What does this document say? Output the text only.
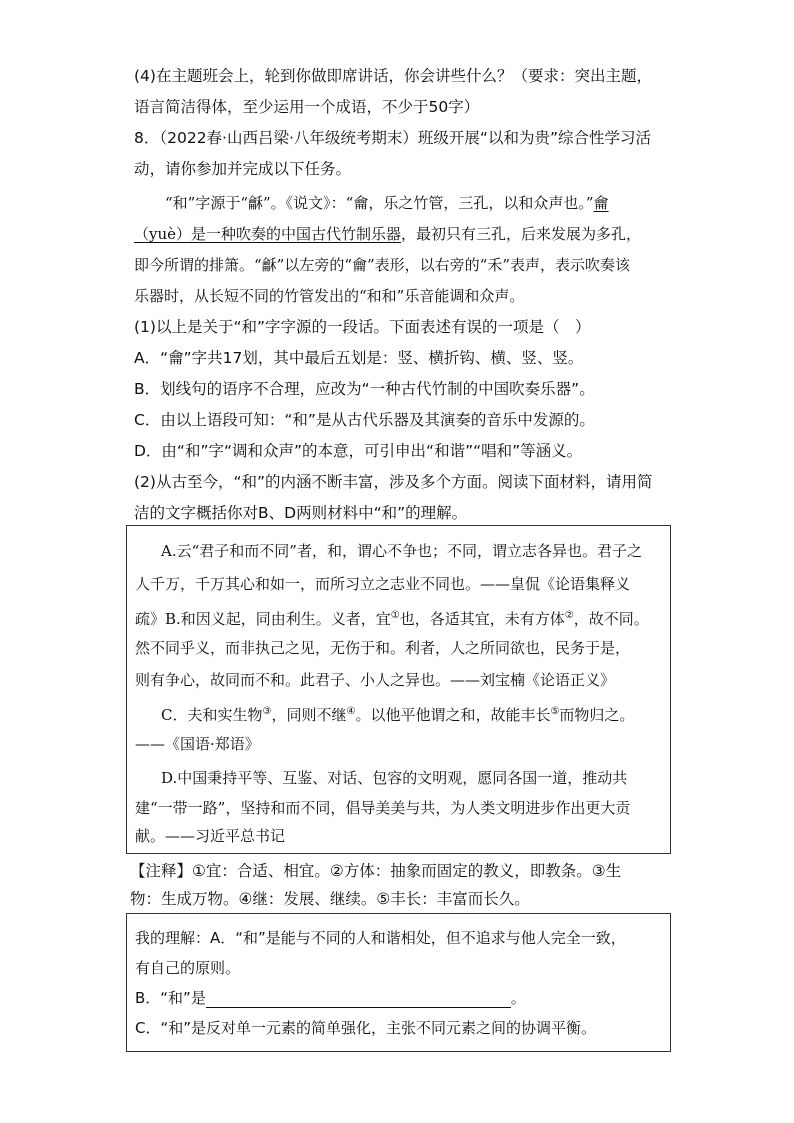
(4)在主题班会上，轮到你做即席讲话，你会讲些什么？（要求：突出主题，
语言简洁得体，至少运用一个成语，不少于50字）
8．（2022春·山西吕梁·八年级统考期末）班级开展“以和为贵”综合性学习活
动，请你参加并完成以下任务。
“和”字源于“龢”。《说文》：“龠，乐之竹管，三孔，以和众声也。”龠
（yuè）是一种吹奏的中国古代竹制乐器，最初只有三孔，后来发展为多孔，
即今所谓的排箫。“龢”以左旁的“龠”表形，以右旁的“禾”表声，表示吹奏该
乐器时，从长短不同的竹管发出的“和和”乐音能调和众声。
(1)以上是关于“和”字字源的一段话。下面表述有误的一项是（　）
A．“龠”字共17划，其中最后五划是：竖、横折钩、横、竖、竖。
B．划线句的语序不合理，应改为“一种古代竹制的中国吹奏乐器”。
C．由以上语段可知：“和”是从古代乐器及其演奏的音乐中发源的。
D．由“和”字“调和众声”的本意，可引申出“和谐”“唱和”等涵义。
(2)从古至今，“和”的内涵不断丰富，涉及多个方面。阅读下面材料，请用简
洁的文字概括你对B、D两则材料中“和”的理解。
A.云“君子和而不同”者，和，谓心不争也；不同，谓立志各异也。君子之
人千万，千万其心和如一，而所习立之志业不同也。——皇侃《论语集释义
疏》B.和因义起，同由利生。义者，宜①也，各适其宜，未有方体②，故不同。
然不同乎义，而非执己之见，无伤于和。利者，人之所同欲也，民务于是，
则有争心，故同而不和。此君子、小人之异也。——刘宝楠《论语正义》
C．夫和实生物③，同则不继④。以他平他谓之和，故能丰长⑤而物归之。
——《国语·郑语》
D.中国秉持平等、互鉴、对话、包容的文明观，愿同各国一道，推动共
建“一带一路”，坚持和而不同，倡导美美与共，为人类文明进步作出更大贡
献。——习近平总书记
【注释】①宜：合适、相宜。②方体：抽象而固定的教义，即教条。③生
物：生成万物。④继：发展、继续。⑤丰长：丰富而长久。
我的理解：A．“和”是能与不同的人和谐相处，但不追求与他人完全一致，
有自己的原则。
B．“和”是	。
C．“和”是反对单一元素的简单强化，主张不同元素之间的协调平衡。
